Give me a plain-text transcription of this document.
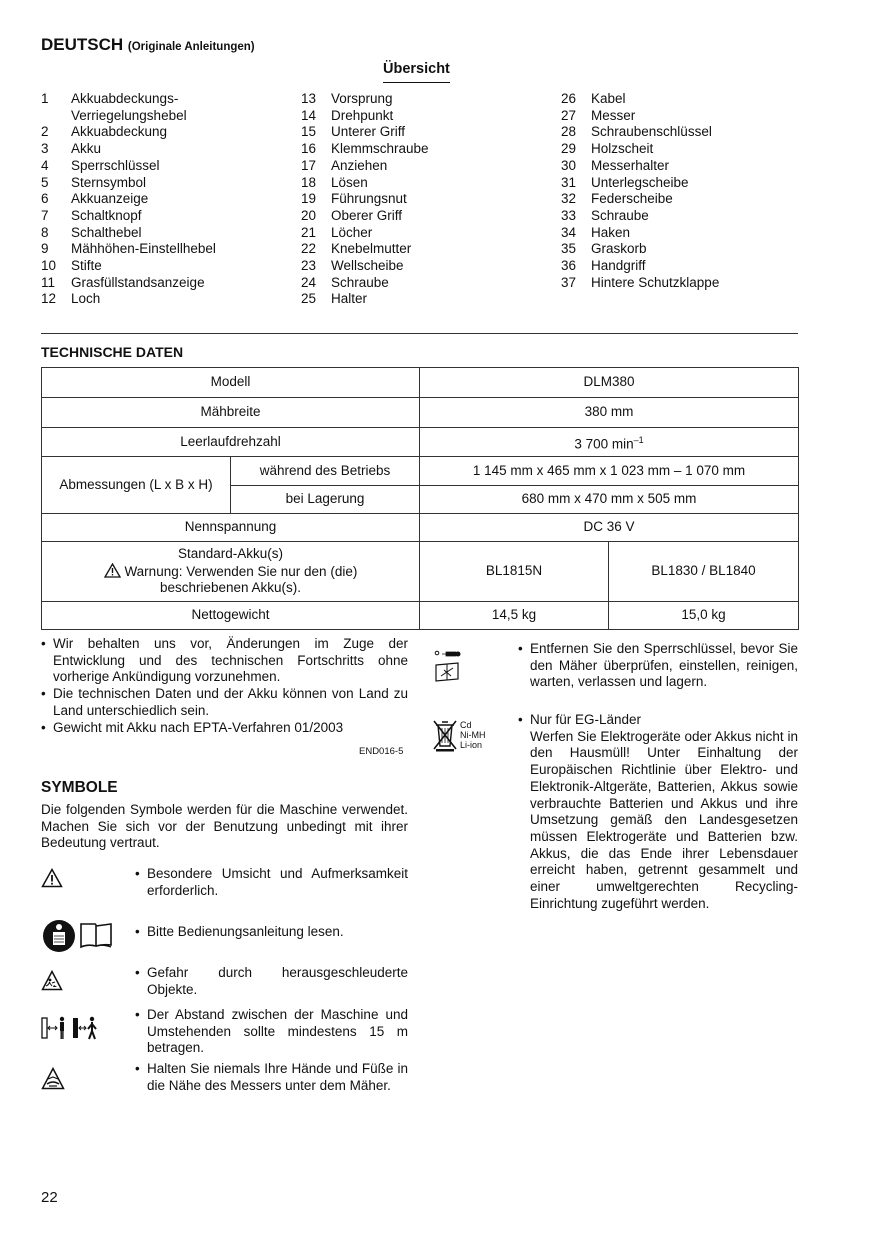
DEUTSCH (Originale Anleitungen)
Übersicht
1	Akkuabdeckungs-Verriegelungshebel
2	Akkuabdeckung
3	Akku
4	Sperrschlüssel
5	Sternsymbol
6	Akkuanzeige
7	Schaltknopf
8	Schalthebel
9	Mähhöhen-Einstellhebel
10	Stifte
11	Grasfüllstandsanzeige
12	Loch
13	Vorsprung
14	Drehpunkt
15	Unterer Griff
16	Klemmschraube
17	Anziehen
18	Lösen
19	Führungsnut
20	Oberer Griff
21	Löcher
22	Knebelmutter
23	Wellscheibe
24	Schraube
25	Halter
26	Kabel
27	Messer
28	Schraubenschlüssel
29	Holzscheit
30	Messerhalter
31	Unterlegscheibe
32	Federscheibe
33	Schraube
34	Haken
35	Graskorb
36	Handgriff
37	Hintere Schutzklappe
TECHNISCHE DATEN
Modell		DLM380	
Mähbreite		380 mm	
Leerlaufdrehzahl		3 700 $\min^{-1}$
Abmessungen (L x B x H)	während des Betriebs	1 145 mm x 465 mm x 1 023 mm – 1 070 mm	
	bei Lagerung	680 mm x 470 mm x 505 mm	
Nennspannung		DC 36 V	

Standard-Akku(s)
Warnung: Verwenden Sie nur den (die) beschriebenen Akku(s).		BL1815N	BL1830 / BL1840
Nettogewicht		14,5 kg	15,0 kg
• Wir behalten uns vor, Änderungen im Zuge der Entwicklung und des technischen Fortschritts ohne vorherige Ankündigung vorzunehmen.
• Die technischen Daten und der Akku können von Land zu Land unterschiedlich sein.
• Gewicht mit Akku nach EPTA-Verfahren 01/2003
END016-5
SYMBOLE
Die folgenden Symbole werden für die Maschine verwendet. Machen Sie sich vor der Benutzung unbedingt mit ihrer Bedeutung vertraut.
• Besondere Umsicht und Aufmerksamkeit erforderlich.
• Bitte Bedienungsanleitung lesen.
• Gefahr durch herausgeschleuderte Objekte.
• Der Abstand zwischen der Maschine und Umstehenden sollte mindestens 15 m betragen.
• Halten Sie niemals Ihre Hände und Füße in die Nähe des Messers unter dem Mäher.
• Entfernen Sie den Sperrschlüssel, bevor Sie den Mäher überprüfen, einstellen, reinigen, warten, verlassen und lagern.
Cd
Ni-MH
Li-ion
• Nur für EG-Länder
Werfen Sie Elektrogeräte oder Akkus nicht in den Hausmüll! Unter Einhaltung der Europäischen Richtlinie über Elektro- und Elektronik-Altgeräte, Batterien, Akkus sowie verbrauchte Batterien und Akkus und ihre Umsetzung gemäß den Landesgesetzen müssen Elektrogeräte und Batterien bzw. Akkus, die das Ende ihrer Lebensdauer erreicht haben, getrennt gesammelt und einer umweltgerechten Recycling-Einrichtung zugeführt werden.
22
